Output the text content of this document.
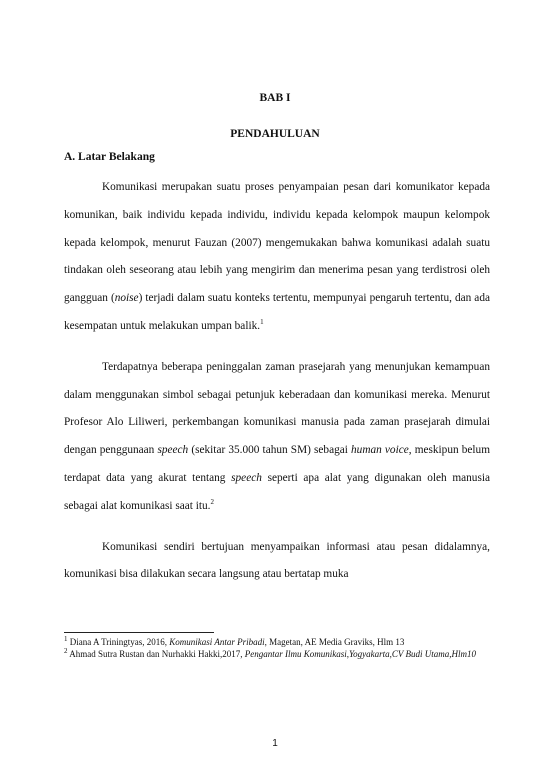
BAB I
PENDAHULUAN
A. Latar Belakang

Komunikasi merupakan suatu proses penyampaian pesan dari komunikator kepada komunikan, baik individu kepada individu, individu kepada kelompok maupun kelompok kepada kelompok, menurut Fauzan (2007) mengemukakan bahwa komunikasi adalah suatu tindakan oleh seseorang atau lebih yang mengirim dan menerima pesan yang terdistrosi oleh gangguan (noise) terjadi dalam suatu konteks tertentu, mempunyai pengaruh tertentu, dan ada kesempatan untuk melakukan umpan balik.$^1$

Terdapatnya beberapa peninggalan zaman prasejarah yang menunjukan kemampuan dalam menggunakan simbol sebagai petunjuk keberadaan dan komunikasi mereka. Menurut Profesor Alo Liliweri, perkembangan komunikasi manusia pada zaman prasejarah dimulai dengan penggunaan speech (sekitar 35.000 tahun SM) sebagai human voice, meskipun belum terdapat data yang akurat tentang speech seperti apa alat yang digunakan oleh manusia sebagai alat komunikasi saat itu.$^2$

Komunikasi sendiri bertujuan menyampaikan informasi atau pesan didalamnya, komunikasi bisa dilakukan secara langsung atau bertatap muka

$^1$ Diana A Triningtyas, 2016, Komunikasi Antar Pribadi, Magetan, AE Media Graviks, Hlm 13

$^2$ Ahmad Sutra Rustan dan Nurhakki Hakki,2017, Pengantar Ilmu Komunikasi,Yogyakarta,CV Budi Utama,Hlm10

1
